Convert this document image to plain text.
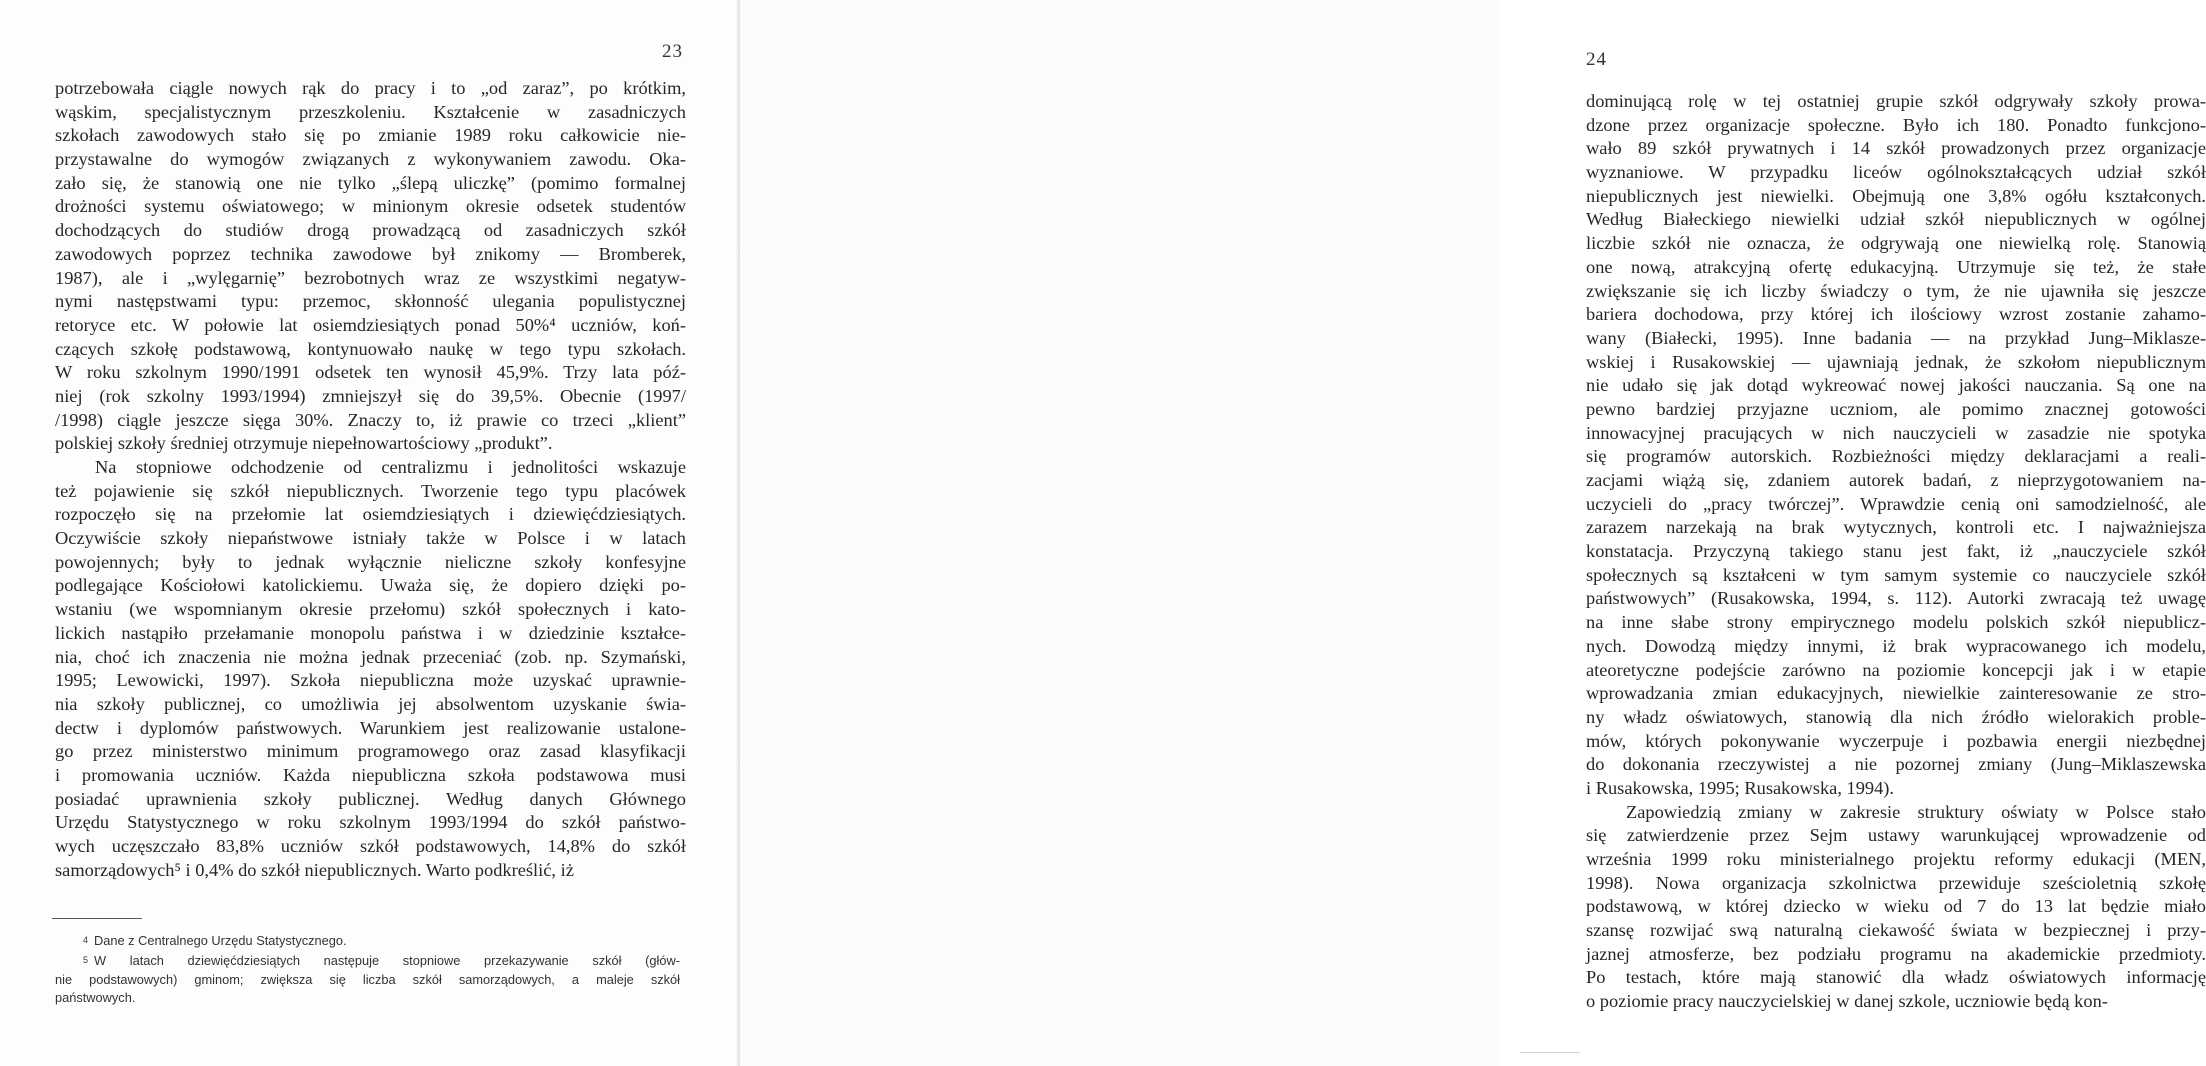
23
potrzebowała ciągle nowych rąk do pracy i to „od zaraz”, po krótkim,
wąskim, specjalistycznym przeszkoleniu. Kształcenie w zasadniczych
szkołach zawodowych stało się po zmianie 1989 roku całkowicie nie-
przystawalne do wymogów związanych z wykonywaniem zawodu. Oka-
zało się, że stanowią one nie tylko „ślepą uliczkę” (pomimo formalnej
drożności systemu oświatowego; w minionym okresie odsetek studentów
dochodzących do studiów drogą prowadzącą od zasadniczych szkół
zawodowych poprzez technika zawodowe był znikomy — Bromberek,
1987), ale i „wylęgarnię” bezrobotnych wraz ze wszystkimi negatyw-
nymi następstwami typu: przemoc, skłonność ulegania populistycznej
retoryce etc. W połowie lat osiemdziesiątych ponad 50%⁴ uczniów, koń-
czących szkołę podstawową, kontynuowało naukę w tego typu szkołach.
W roku szkolnym 1990/1991 odsetek ten wynosił 45,9%. Trzy lata póź-
niej (rok szkolny 1993/1994) zmniejszył się do 39,5%. Obecnie (1997/
/1998) ciągle jeszcze sięga 30%. Znaczy to, iż prawie co trzeci „klient”
polskiej szkoły średniej otrzymuje niepełnowartościowy „produkt”.
Na stopniowe odchodzenie od centralizmu i jednolitości wskazuje
też pojawienie się szkół niepublicznych. Tworzenie tego typu placówek
rozpoczęło się na przełomie lat osiemdziesiątych i dziewięćdziesiątych.
Oczywiście szkoły niepaństwowe istniały także w Polsce i w latach
powojennych; były to jednak wyłącznie nieliczne szkoły konfesyjne
podlegające Kościołowi katolickiemu. Uważa się, że dopiero dzięki po-
wstaniu (we wspomnianym okresie przełomu) szkół społecznych i kato-
lickich nastąpiło przełamanie monopolu państwa i w dziedzinie kształce-
nia, choć ich znaczenia nie można jednak przeceniać (zob. np. Szymański,
1995; Lewowicki, 1997). Szkoła niepubliczna może uzyskać uprawnie-
nia szkoły publicznej, co umożliwia jej absolwentom uzyskanie świa-
dectw i dyplomów państwowych. Warunkiem jest realizowanie ustalone-
go przez ministerstwo minimum programowego oraz zasad klasyfikacji
i promowania uczniów. Każda niepubliczna szkoła podstawowa musi
posiadać uprawnienia szkoły publicznej. Według danych Głównego
Urzędu Statystycznego w roku szkolnym 1993/1994 do szkół państwo-
wych uczęszczało 83,8% uczniów szkół podstawowych, 14,8% do szkół
samorządowych⁵ i 0,4% do szkół niepublicznych. Warto podkreślić, iż
$^4$ Dane z Centralnego Urzędu Statystycznego.
$^5$ W latach dziewięćdziesiątych następuje stopniowe przekazywanie szkół (głów-
nie podstawowych) gminom; zwiększa się liczba szkół samorządowych, a maleje szkół
państwowych.
24
dominującą rolę w tej ostatniej grupie szkół odgrywały szkoły prowa-
dzone przez organizacje społeczne. Było ich 180. Ponadto funkcjono-
wało 89 szkół prywatnych i 14 szkół prowadzonych przez organizacje
wyznaniowe. W przypadku liceów ogólnokształcących udział szkół
niepublicznych jest niewielki. Obejmują one 3,8% ogółu kształconych.
Według Białeckiego niewielki udział szkół niepublicznych w ogólnej
liczbie szkół nie oznacza, że odgrywają one niewielką rolę. Stanowią
one nową, atrakcyjną ofertę edukacyjną. Utrzymuje się też, że stałe
zwiększanie się ich liczby świadczy o tym, że nie ujawniła się jeszcze
bariera dochodowa, przy której ich ilościowy wzrost zostanie zahamo-
wany (Białecki, 1995). Inne badania — na przykład Jung–Miklasze-
wskiej i Rusakowskiej — ujawniają jednak, że szkołom niepublicznym
nie udało się jak dotąd wykreować nowej jakości nauczania. Są one na
pewno bardziej przyjazne uczniom, ale pomimo znacznej gotowości
innowacyjnej pracujących w nich nauczycieli w zasadzie nie spotyka
się programów autorskich. Rozbieżności między deklaracjami a reali-
zacjami wiążą się, zdaniem autorek badań, z nieprzygotowaniem na-
uczycieli do „pracy twórczej”. Wprawdzie cenią oni samodzielność, ale
zarazem narzekają na brak wytycznych, kontroli etc. I najważniejsza
konstatacja. Przyczyną takiego stanu jest fakt, iż „nauczyciele szkół
społecznych są kształceni w tym samym systemie co nauczyciele szkół
państwowych” (Rusakowska, 1994, s. 112). Autorki zwracają też uwagę
na inne słabe strony empirycznego modelu polskich szkół niepublicz-
nych. Dowodzą między innymi, iż brak wypracowanego ich modelu,
ateoretyczne podejście zarówno na poziomie koncepcji jak i w etapie
wprowadzania zmian edukacyjnych, niewielkie zainteresowanie ze stro-
ny władz oświatowych, stanowią dla nich źródło wielorakich proble-
mów, których pokonywanie wyczerpuje i pozbawia energii niezbędnej
do dokonania rzeczywistej a nie pozornej zmiany (Jung–Miklaszewska
i Rusakowska, 1995; Rusakowska, 1994).
Zapowiedzią zmiany w zakresie struktury oświaty w Polsce stało
się zatwierdzenie przez Sejm ustawy warunkującej wprowadzenie od
września 1999 roku ministerialnego projektu reformy edukacji (MEN,
1998). Nowa organizacja szkolnictwa przewiduje sześcioletnią szkołę
podstawową, w której dziecko w wieku od 7 do 13 lat będzie miało
szansę rozwijać swą naturalną ciekawość świata w bezpiecznej i przy-
jaznej atmosferze, bez podziału programu na akademickie przedmioty.
Po testach, które mają stanowić dla władz oświatowych informację
o poziomie pracy nauczycielskiej w danej szkole, uczniowie będą kon-
